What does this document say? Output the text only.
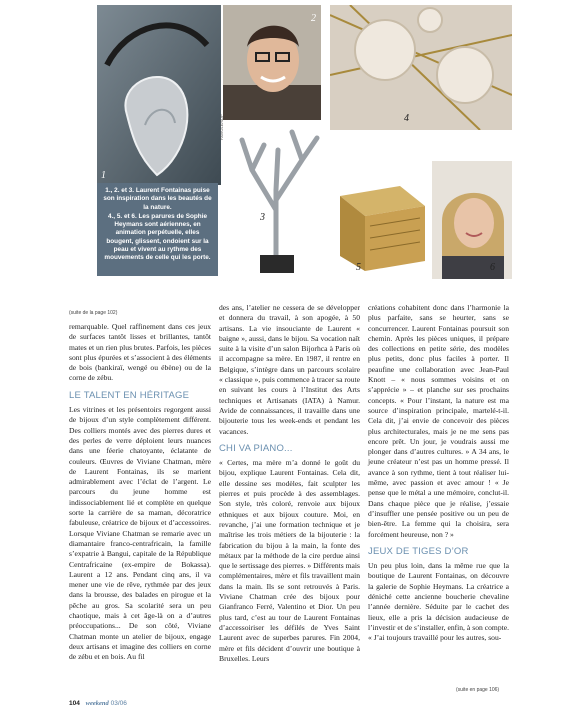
1
2
4
3
5	6

1., 2. et 3. Laurent Fontainas puise son inspiration dans les beautés de la nature.

4., 5. et 6. Les parures de Sophie Heymans sont aériennes, en animation perpétuelle, elles bougent, glissent, ondoient sur la peau et vivent au rythme des mouvements de celle qui les porte.

FAVIOLE/SDP
(suite de la page 102)

remarquable. Quel raffinement dans ces jeux de surfaces tantôt lisses et brillantes, tantôt mates et un rien plus brutes. Parfois, les pièces sont plus épurées et s’associent à des éléments de bois (bankiraï, wengé ou ébène) ou de la corne de zébu.

LE TALENT EN HÉRITAGE

Les vitrines et les présentoirs regorgent aussi de bijoux d’un style complètement différent. Des colliers montés avec des pierres dures et des perles de verre déploient leurs nuances dans une féerie chatoyante, éclatante de couleurs. Œuvres de Viviane Chatman, mère de Laurent Fontainas, ils se marient admirablement avec l’éclat de l’argent. Le parcours du jeune homme est indissociablement lié et complète en quelque sorte la carrière de sa maman, décoratrice fabuleuse, créatrice de bijoux et d’accessoires. Lorsque Viviane Chatman se remarie avec un diamantaire franco-centrafricain, la famille s’expatrie à Bangui, capitale de la République Centrafricaine (ex-empire de Bokassa). Laurent a 12 ans. Pendant cinq ans, il va mener une vie de rêve, rythmée par des jeux dans la brousse, des balades en pirogue et la pêche au gros. Sa scolarité sera un peu chaotique, mais à cet âge-là on a d’autres préoccupations... De son côté, Viviane Chatman monte un atelier de bijoux, engage deux artisans et imagine des colliers en corne de zébu et en bois. Au fil

des ans, l’atelier ne cessera de se développer et donnera du travail, à son apogée, à 50 artisans. La vie insouciante de Laurent « baigne », aussi, dans le bijou. Sa vocation naît suite à la visite d’un salon Bijorhca à Paris où il accompagne sa mère. En 1987, il rentre en Belgique, s’intègre dans un parcours scolaire « classique », puis commence à tracer sa route en suivant les cours à l’Institut des Arts techniques et Artisanats (IATA) à Namur. Avide de connaissances, il travaille dans une bijouterie tous les week-ends et pendant les vacances.

CHI VA PIANO...

« Certes, ma mère m’a donné le goût du bijou, explique Laurent Fontainas. Cela dit, elle dessine ses modèles, fait sculpter les pierres et puis procède à des assemblages. Son style, très coloré, renvoie aux bijoux ethniques et aux bijoux couture. Moi, en revanche, j’ai une formation technique et je maîtrise les trois métiers de la bijouterie : la fabrication du bijou à la main, la fonte des métaux par la méthode de la cire perdue ainsi que le sertissage des pierres. » Différents mais complémentaires, mère et fils travaillent main dans la main. Ils se sont retrouvés à Paris. Viviane Chatman crée des bijoux pour Gianfranco Ferré, Valentino et Dior. Un peu plus tard, c’est au tour de Laurent Fontainas d’accessoiriser les défilés de Yves Saint Laurent avec de superbes parures. Fin 2004, mère et fils décident d’ouvrir une boutique à Bruxelles. Leurs

créations cohabitent donc dans l’harmonie la plus parfaite, sans se heurter, sans se concurrencer. Laurent Fontainas poursuit son chemin. Après les pièces uniques, il prépare des collections en petite série, des modèles plus petits, donc plus faciles à porter. Il peaufine une collaboration avec Jean-Paul Knott – « nous sommes voisins et on s’apprécie » – et planche sur ses prochains concepts. « Pour l’instant, la nature est ma source d’inspiration principale, martelé-t-il. Cela dit, j’ai envie de concevoir des pièces plus architecturales, mais je ne me sens pas encore prêt. Un jour, je voudrais aussi me plonger dans d’autres cultures. » A 34 ans, le jeune créateur n’est pas un homme pressé. Il avance à son rythme, tient à tout réaliser lui-même, avec passion et avec amour ! « Je pense que le métal a une mémoire, conclut-il. Dans chaque pièce que je réalise, j’essaie d’insuffler une pensée positive ou un peu de bien-être. La femme qui la choisira, sera forcément heureuse, non ? »

JEUX DE TIGES D’OR

Un peu plus loin, dans la même rue que la boutique de Laurent Fontainas, on découvre la galerie de Sophie Heymans. La créatrice a déniché cette ancienne boucherie chevaline l’année dernière. Séduite par le cachet des lieux, elle a pris la décision audacieuse de l’investir et de s’installer, enfin, à son compte. « J’ai toujours travaillé pour les autres, sou-

(suite en page 106)
104 weekend 03/06
